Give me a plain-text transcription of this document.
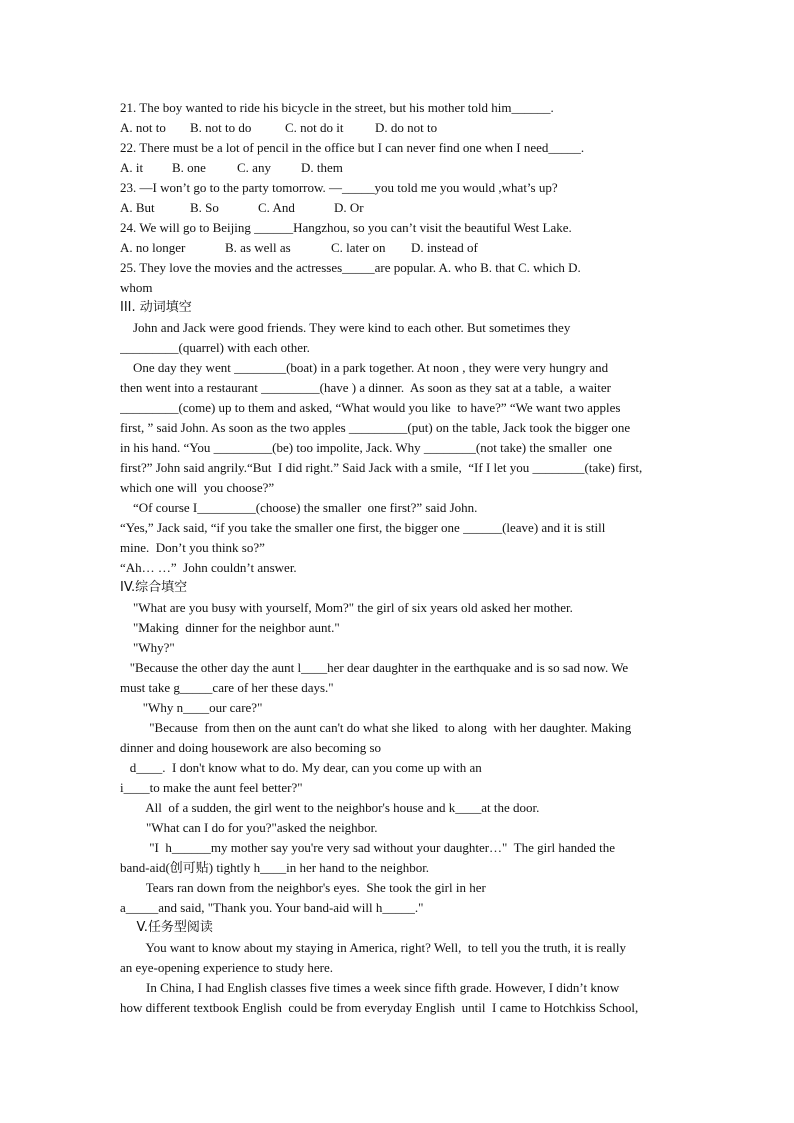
21. The boy wanted to ride his bicycle in the street, but his mother told him______.
A. not to B. not to do	C. not do it D. do not to
22. There must be a lot of pencil in the office but I can never find one when I need_____.
A. it B. one C. any D. them
23. —I won’t go to the party tomorrow. —_____you told me you would ,what’s up?
A. But	B. So	C. And	D. Or
24. We will go to Beijing ______Hangzhou, so you can’t visit the beautiful West Lake.
A. no longer	B. as well as	C. later on D. instead of
25. They love the movies and the actresses_____are popular. A. who B. that C. which D.
whom
III. 动词填空
John and Jack were good friends. They were kind to each other. But sometimes they
_________(quarrel) with each other.
One day they went ________(boat) in a park together. At noon , they were very hungry and
then went into a restaurant _________(have ) a dinner.  As soon as they sat at a table,  a waiter
_________(come) up to them and asked, “What would you like  to have?” “We want two apples
first, ” said John. As soon as the two apples _________(put) on the table, Jack took the bigger one
in his hand. “You _________(be) too impolite, Jack. Why ________(not take) the smaller  one
first?” John said angrily.“But  I did right.” Said Jack with a smile,  “If I let you ________(take) first,
which one will  you choose?”
“Of course I_________(choose) the smaller  one first?” said John.
“Yes,” Jack said, “if you take the smaller one first, the bigger one ______(leave) and it is still
mine.  Don’t you think so?”
“Ah… …”  John couldn’t answer.
IV.综合填空
"What are you busy with yourself, Mom?" the girl of six years old asked her mother.
"Making  dinner for the neighbor aunt."
"Why?"
"Because the other day the aunt l____her dear daughter in the earthquake and is so sad now. We
must take g_____care of her these days."
"Why n____our care?"
"Because  from then on the aunt can't do what she liked  to along  with her daughter. Making
dinner and doing housework are also becoming so
d____.  I don't know what to do. My dear, can you come up with an
i____to make the aunt feel better?"
All  of a sudden, the girl went to the neighbor's house and k____at the door.
"What can I do for you?"asked the neighbor.
"I  h______my mother say you're very sad without your daughter…"  The girl handed the
band-aid(创可贴) tightly h____in her hand to the neighbor.
Tears ran down from the neighbor's eyes.  She took the girl in her
a_____and said, "Thank you. Your band-aid will h_____."
V.任务型阅读
You want to know about my staying in America, right? Well,  to tell you the truth, it is really
an eye-opening experience to study here.
In China, I had English classes five times a week since fifth grade. However, I didn’t know
how different textbook English  could be from everyday English  until  I came to Hotchkiss School,
